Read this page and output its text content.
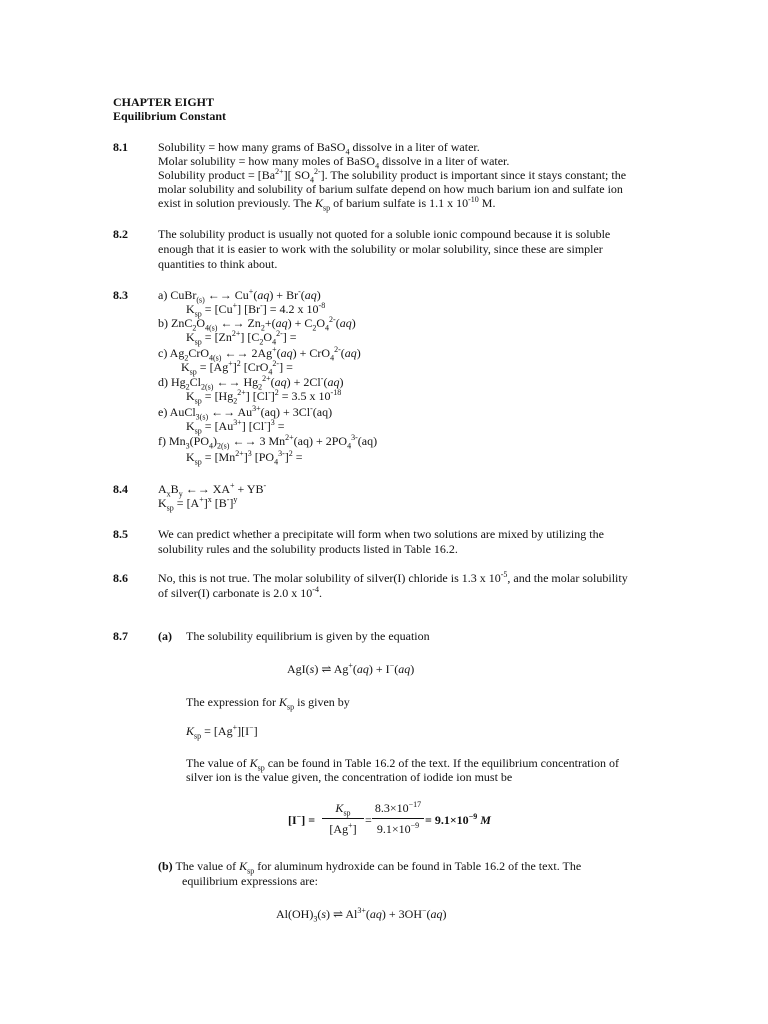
CHAPTER EIGHT
Equilibrium Constant
8.1	Solubility = how many grams of BaSO$_4$ dissolve in a liter of water.
Molar solubility = how many moles of BaSO$_4$ dissolve in a liter of water.
Solubility product = $[Ba^{2+}]$[ $SO_4^{2-}$]. The solubility product is important since it stays constant; the
molar solubility and solubility of barium sulfate depend on how much barium ion and sulfate ion
exist in solution previously. The $K_{sp}$ of barium sulfate is 1.1 x $10^{-10}$ M.
8.2	The solubility product is usually not quoted for a soluble ionic compound because it is soluble
enough that it is easier to work with the solubility or molar solubility, since these are simpler
quantities to think about.
8.3	a) CuBr$_{(s)}$ ←→ Cu+(aq) + Br-(aq)
$K_{sp} = [Cu^+] [Br^-] = 4.2$ x $10^{-8}$
b) $ZnC_2O_{4(s)}$ ←→ $Zn_2+(aq) + C_2O_4^{2-}(aq)$
$K_{sp} = [Zn^{2+}] [C_2O_4^{2-}]$ =
c) $Ag_2CrO_{4(s)}$ ←→ 2Ag+(aq) + CrO$_4^{2-}$(aq)
$K_{sp} = [Ag^+]^2$ [CrO$_4^{2-}$] =
d) $Hg_2Cl_{2(s)}$ ←→ $Hg_2^{2+}(aq) + 2Cl^-(aq)$
$K_{sp} = [Hg_2^{2+}] [Cl^-]^2 = 3.5$ x $10^{-18}$
e) AuCl$_{3(s)}$ ←→ $Au^{3+}(aq) + 3Cl^-(aq)$
$K_{sp} = [Au^{3+}] [Cl^-]^3$ =
f) $Mn_3(PO_4)_{2(s)}$ ←→ 3 $Mn^{2+}(aq) + 2PO_4^{3-}(aq)$
$K_{sp} = [Mn^{2+}]^3$ $[PO_4^{3-}]^2$ =
8.4	$A_xB_y$ ←→ XA+ + YB-
$K_{sp} = [A^+]^x$ $[B^-]^y$
8.5	We can predict whether a precipitate will form when two solutions are mixed by utilizing the
solubility rules and the solubility products listed in Table 16.2.
8.6	No, this is not true. The molar solubility of silver(I) chloride is 1.3 x $10^{-5}$, and the molar solubility
of silver(I) carbonate is 2.0 x $10^{-4}$.
8.7	(a) The solubility equilibrium is given by the equation
AgI(s) ⇌ Ag+(aq) + I−(aq)
The expression for $K_{sp}$ is given by
$K_{sp} = [Ag^+][I^-]$
The value of $K_{sp}$ can be found in Table 16.2 of the text. If the equilibrium concentration of
silver ion is the value given, the concentration of iodide ion must be
[I−] =
$K_{sp}$
[Ag+]
=
$8.3\times 10^{-17}$
$9.1\times 10^{-9} = 9.1\times 10^{-9}$ M
(b) The value of $K_{sp}$ for aluminum hydroxide can be found in Table 16.2 of the text. The
equilibrium expressions are:
$Al(OH)_3(s)$ ⇌ $Al^{3+}(aq) + 3OH^-(aq)$
